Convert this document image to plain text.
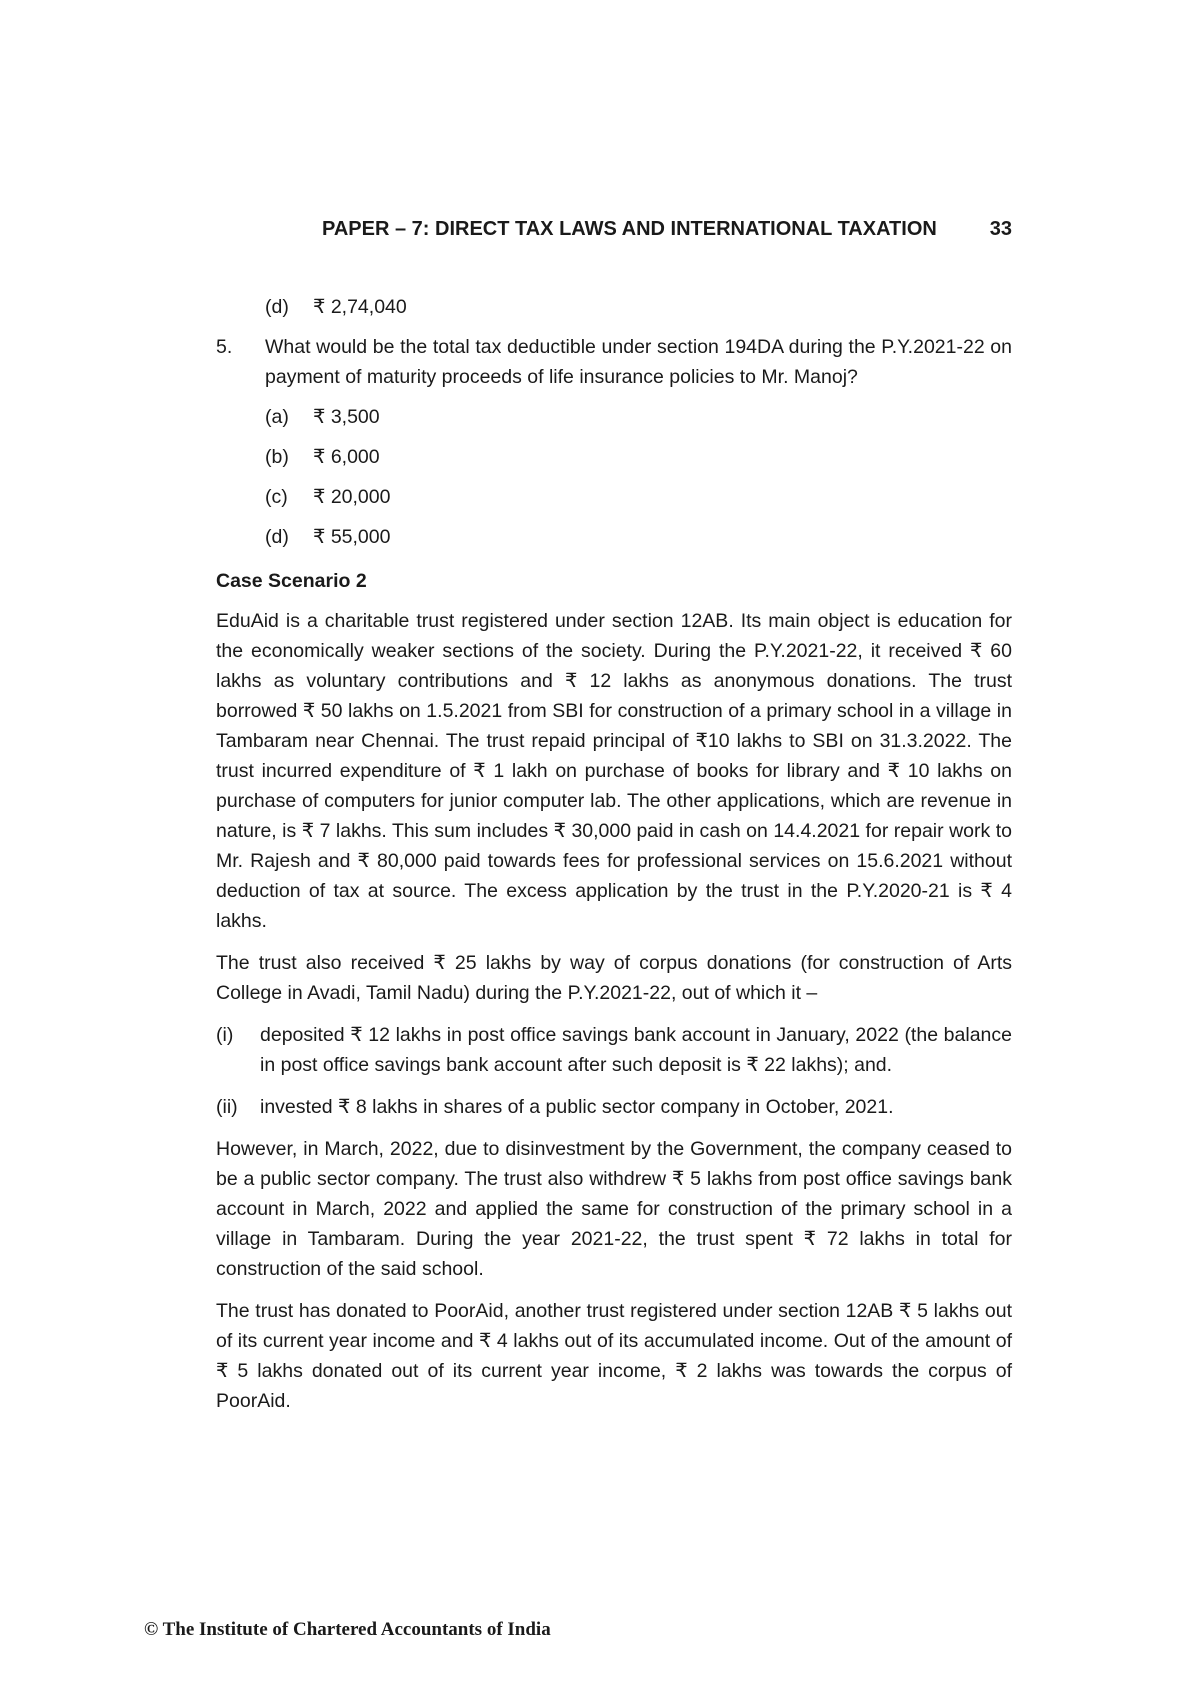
PAPER – 7: DIRECT TAX LAWS AND INTERNATIONAL TAXATION	33
(d)	₹ 2,74,040
5.	What would be the total tax deductible under section 194DA during the P.Y.2021-22 on payment of maturity proceeds of life insurance policies to Mr. Manoj?
(a)	₹ 3,500
(b)	₹ 6,000
(c)	₹ 20,000
(d)	₹ 55,000
Case Scenario 2

EduAid is a charitable trust registered under section 12AB. Its main object is education for the economically weaker sections of the society. During the P.Y.2021-22, it received ₹ 60 lakhs as voluntary contributions and ₹ 12 lakhs as anonymous donations. The trust borrowed ₹ 50 lakhs on 1.5.2021 from SBI for construction of a primary school in a village in Tambaram near Chennai. The trust repaid principal of ₹10 lakhs to SBI on 31.3.2022. The trust incurred expenditure of ₹ 1 lakh on purchase of books for library and ₹ 10 lakhs on purchase of computers for junior computer lab. The other applications, which are revenue in nature, is ₹ 7 lakhs. This sum includes ₹ 30,000 paid in cash on 14.4.2021 for repair work to Mr. Rajesh and ₹ 80,000 paid towards fees for professional services on 15.6.2021 without deduction of tax at source. The excess application by the trust in the P.Y.2020-21 is ₹ 4 lakhs.

The trust also received ₹ 25 lakhs by way of corpus donations (for construction of Arts College in Avadi, Tamil Nadu) during the P.Y.2021-22, out of which it –

(i)	deposited ₹ 12 lakhs in post office savings bank account in January, 2022 (the balance in post office savings bank account after such deposit is ₹ 22 lakhs); and.
(ii)	invested ₹ 8 lakhs in shares of a public sector company in October, 2021.

However, in March, 2022, due to disinvestment by the Government, the company ceased to be a public sector company. The trust also withdrew ₹ 5 lakhs from post office savings bank account in March, 2022 and applied the same for construction of the primary school in a village in Tambaram. During the year 2021-22, the trust spent ₹ 72 lakhs in total for construction of the said school.

The trust has donated to PoorAid, another trust registered under section 12AB ₹ 5 lakhs out of its current year income and ₹ 4 lakhs out of its accumulated income. Out of the amount of ₹ 5 lakhs donated out of its current year income, ₹ 2 lakhs was towards the corpus of PoorAid.

© The Institute of Chartered Accountants of India
